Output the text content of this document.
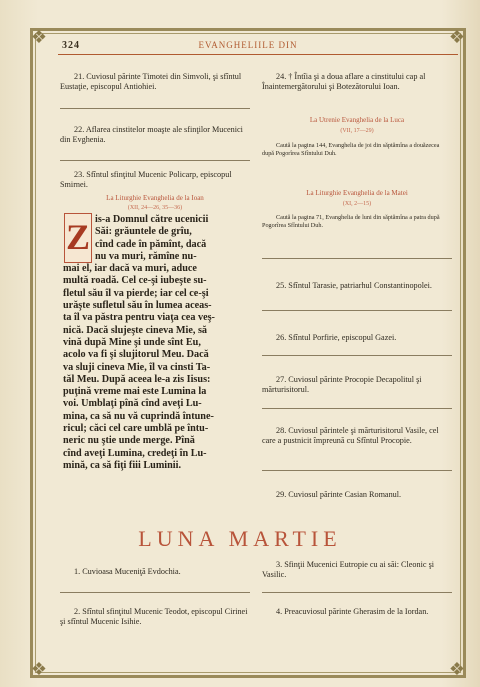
❖	❖
❖	❖
324	EVANGHELIILE DIN
21. Cuviosul părinte Timotei din Simvoli, şi sfîntul Eustaţie, episcopul Antiohiei.
22. Aflarea cinstitelor moaşte ale sfinţilor Mucenici din Evghenia.
23. Sfîntul sfinţitul Mucenic Policarp, episcopul Smirnei.
La Liturghie Evanghelia de la Ioan
(XII, 24—26, 35—36)
Z is-a Domnul către ucenicii
Săi: grăuntele de grîu,
cînd cade în pămînt, dacă
nu va muri, rămîne nu-
mai el, iar dacă va muri, aduce
multă roadă. Cel ce-şi iubeşte su-
fletul său îl va pierde; iar cel ce-şi
urăşte sufletul său în lumea aceas-
ta îl va păstra pentru viaţa cea veş-
nică. Dacă slujeşte cineva Mie, să
vină după Mine şi unde sînt Eu,
acolo va fi şi slujitorul Meu. Dacă
va sluji cineva Mie, îl va cinsti Ta-
tăl Meu. După aceea le-a zis Iisus:
puţină vreme mai este Lumina la
voi. Umblaţi pînă cînd aveţi Lu-
mina, ca să nu vă cuprindă întune-
ricul; căci cel care umblă pe întu-
neric nu ştie unde merge. Pînă
cînd aveţi Lumina, credeţi în Lu-
mină, ca să fiţi fiii Luminii.
24. † Întîia şi a doua aflare a cinstitului cap al Înaintemergătorului şi Botezătorului Ioan.
La Utrenie Evanghelia de la Luca
(VII, 17—29)
Caută la pagina 144, Evanghelia de joi din săptămîna a douăzecea după Pogorîrea Sfîntului Duh.
La Liturghie Evanghelia de la Matei
(XI, 2—15)
Caută la pagina 71, Evanghelia de luni din săptămîna a patra după Pogorîrea Sfîntului Duh.
25. Sfîntul Tarasie, patriarhul Constantinopolei.
26. Sfîntul Porfirie, episcopul Gazei.
27. Cuviosul părinte Procopie Decapolitul şi mărturisitorul.
28. Cuviosul părintele şi mărturisitorul Vasile, cel care a pustnicit împreună cu Sfîntul Procopie.
29. Cuviosul părinte Casian Romanul.
LUNA MARTIE
1. Cuvioasa Muceniţă Evdochia.
2. Sfîntul sfinţitul Mucenic Teodot, episcopul Cirinei şi sfîntul Mucenic Isihie.
3. Sfinţii Mucenici Eutropie cu ai săi: Cleonic şi Vasilic.
4. Preacuviosul părinte Gherasim de la Iordan.
